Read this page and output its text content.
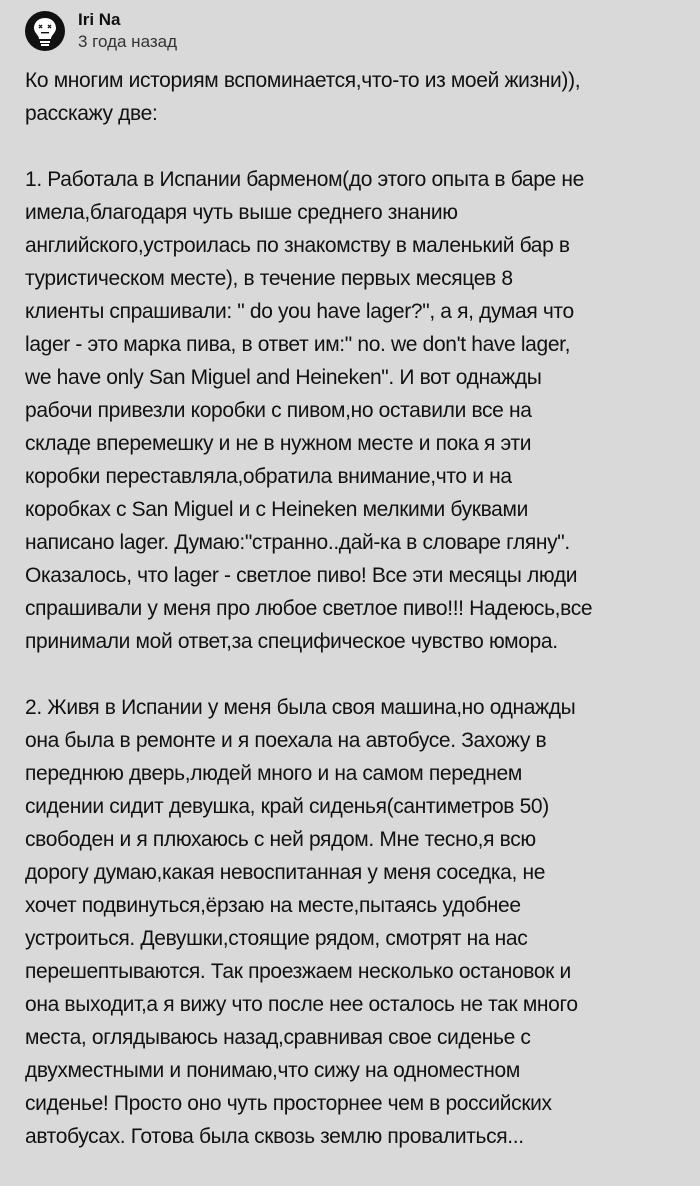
Iri Na
3 года назад
Ко многим историям вспоминается,что-то из моей жизни)),
расскажу две:
1. Работала в Испании барменом(до этого опыта в баре не
имела,благодаря чуть выше среднего знанию
английского,устроилась по знакомству в маленький бар в
туристическом месте), в течение первых месяцев 8
клиенты спрашивали: " do you have lager?", а я, думая что
lager - это марка пива, в ответ им:" no. we don't have lager,
we have only San Miguel and Heineken". И вот однажды
рабочи привезли коробки с пивом,но оставили все на
складе вперемешку и не в нужном месте и пока я эти
коробки переставляла,обратила внимание,что и на
коробках с San Miguel и с Heineken мелкими буквами
написано lager. Думаю:"странно..дай-ка в словаре гляну".
Оказалось, что lager - светлое пиво! Все эти месяцы люди
спрашивали у меня про любое светлое пиво!!! Надеюсь,все
принимали мой ответ,за специфическое чувство юмора.
2. Живя в Испании у меня была своя машина,но однажды
она была в ремонте и я поехала на автобусе. Захожу в
переднюю дверь,людей много и на самом переднем
сидении сидит девушка, край сиденья(сантиметров 50)
свободен и я плюхаюсь с ней рядом. Мне тесно,я всю
дорогу думаю,какая невоспитанная у меня соседка, не
хочет подвинуться,ёрзаю на месте,пытаясь удобнее
устроиться. Девушки,стоящие рядом, смотрят на нас
перешептываются. Так проезжаем несколько остановок и
она выходит,а я вижу что после нее осталось не так много
места, оглядываюсь назад,сравнивая свое сиденье с
двухместными и понимаю,что сижу на одноместном
сиденье! Просто оно чуть просторнее чем в российских
автобусах. Готова была сквозь землю провалиться...
